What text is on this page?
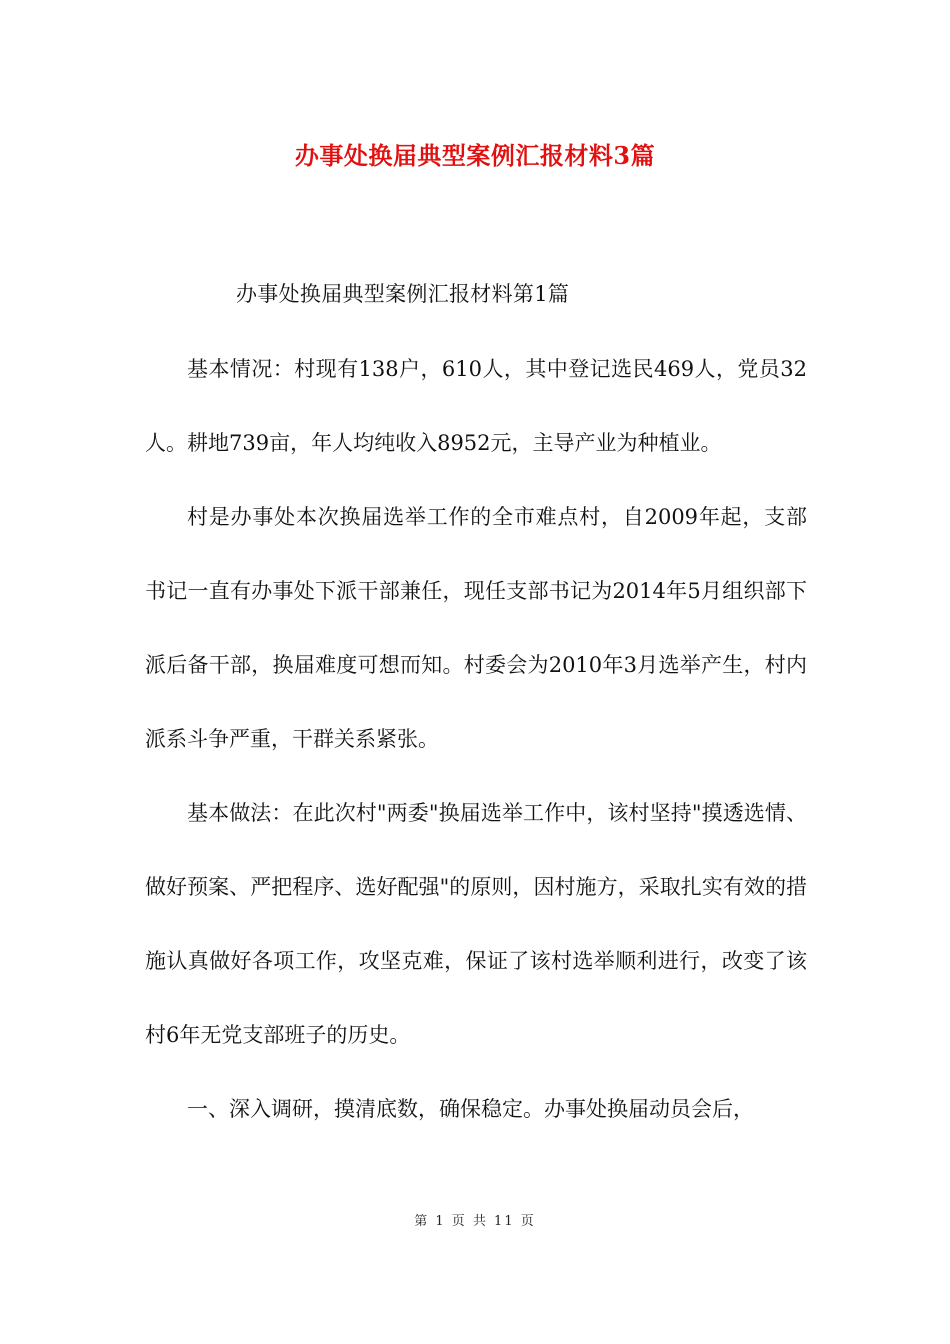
办事处换届典型案例汇报材料3篇
办事处换届典型案例汇报材料第1篇

基本情况：村现有138户，610人，其中登记选民469人，党员32人。耕地739亩，年人均纯收入8952元，主导产业为种植业。

村是办事处本次换届选举工作的全市难点村，自2009年起，支部书记一直有办事处下派干部兼任，现任支部书记为2014年5月组织部下派后备干部，换届难度可想而知。村委会为2010年3月选举产生，村内派系斗争严重，干群关系紧张。

基本做法：在此次村"两委"换届选举工作中，该村坚持"摸透选情、做好预案、严把程序、选好配强"的原则，因村施方，采取扎实有效的措施认真做好各项工作，攻坚克难，保证了该村选举顺利进行，改变了该村6年无党支部班子的历史。

一、深入调研，摸清底数，确保稳定。办事处换届动员会后，

第 1 页 共 11 页
